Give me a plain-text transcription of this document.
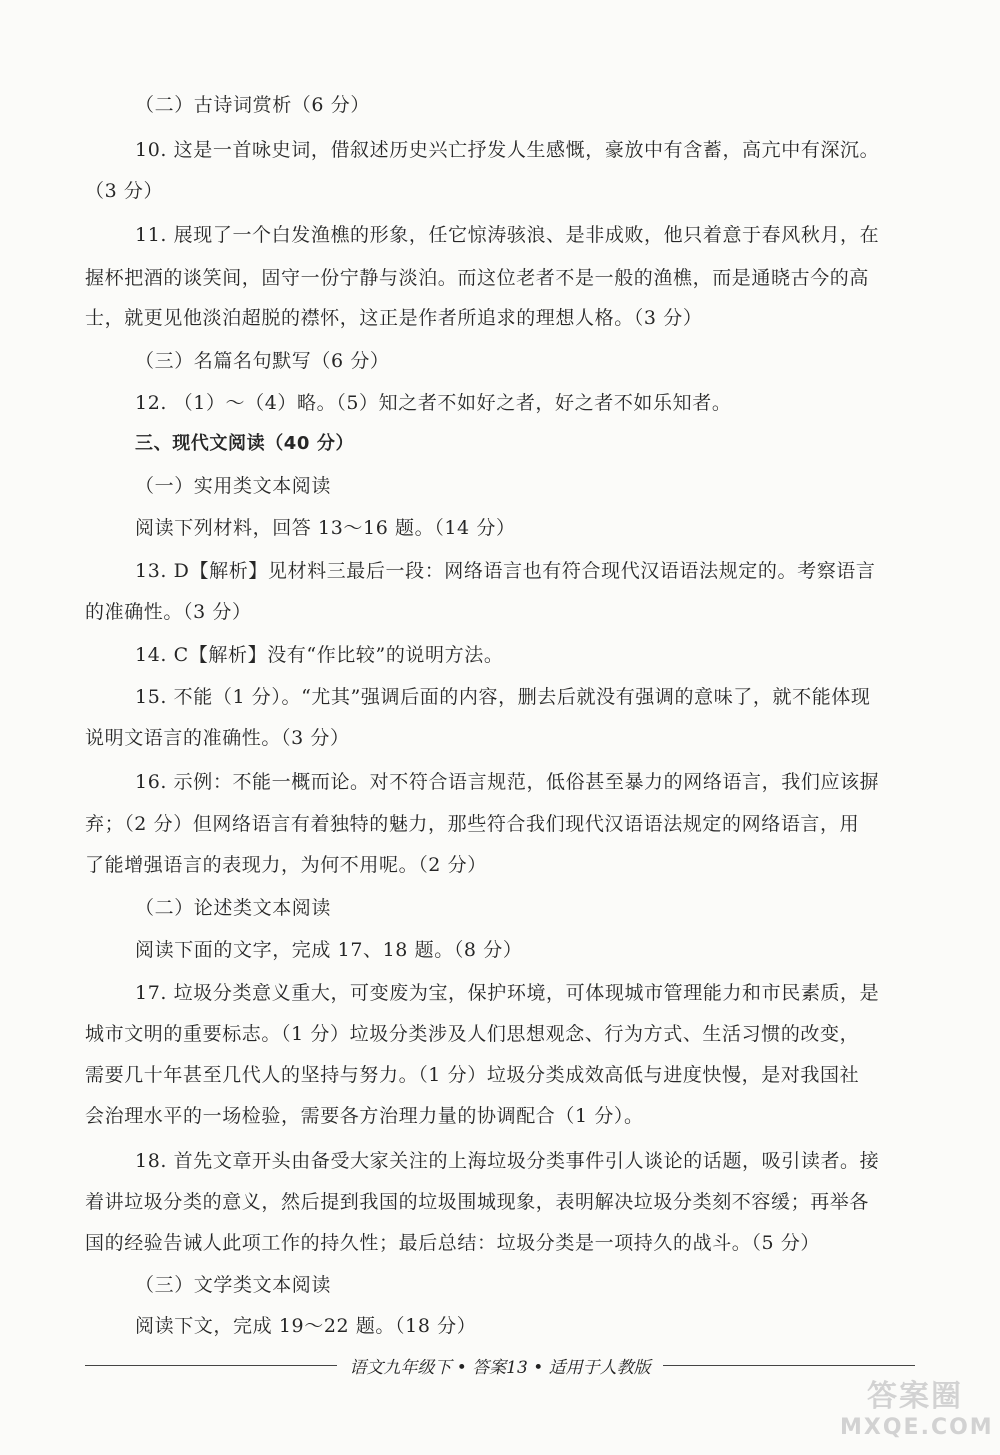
（二）古诗词赏析（6 分）
10. 这是一首咏史词，借叙述历史兴亡抒发人生感慨，豪放中有含蓄，高亢中有深沉。
（3 分）
11. 展现了一个白发渔樵的形象，任它惊涛骇浪、是非成败，他只着意于春风秋月，在
握杯把酒的谈笑间，固守一份宁静与淡泊。而这位老者不是一般的渔樵，而是通晓古今的高
士，就更见他淡泊超脱的襟怀，这正是作者所追求的理想人格。（3 分）
（三）名篇名句默写（6 分）
12. （1）～（4）略。（5）知之者不如好之者，好之者不如乐知者。
三、现代文阅读（40 分）
（一）实用类文本阅读
阅读下列材料，回答 13～16 题。（14 分）
13. D【解析】见材料三最后一段：网络语言也有符合现代汉语语法规定的。考察语言
的准确性。（3 分）
14. C【解析】没有“作比较”的说明方法。
15. 不能（1 分）。“尤其”强调后面的内容，删去后就没有强调的意味了，就不能体现
说明文语言的准确性。（3 分）
16. 示例：不能一概而论。对不符合语言规范，低俗甚至暴力的网络语言，我们应该摒
弃；（2 分）但网络语言有着独特的魅力，那些符合我们现代汉语语法规定的网络语言，用
了能增强语言的表现力，为何不用呢。（2 分）
（二）论述类文本阅读
阅读下面的文字，完成 17、18 题。（8 分）
17. 垃圾分类意义重大，可变废为宝，保护环境，可体现城市管理能力和市民素质，是
城市文明的重要标志。（1 分）垃圾分类涉及人们思想观念、行为方式、生活习惯的改变，
需要几十年甚至几代人的坚持与努力。（1 分）垃圾分类成效高低与进度快慢，是对我国社
会治理水平的一场检验，需要各方治理力量的协调配合（1 分）。
18. 首先文章开头由备受大家关注的上海垃圾分类事件引人谈论的话题，吸引读者。接
着讲垃圾分类的意义，然后提到我国的垃圾围城现象，表明解决垃圾分类刻不容缓；再举各
国的经验告诫人此项工作的持久性；最后总结：垃圾分类是一项持久的战斗。（5 分）
（三）文学类文本阅读
阅读下文，完成 19～22 题。（18 分）
语文九年级下 • 答案13 • 适用于人教版
答案圈
MXQE.COM
